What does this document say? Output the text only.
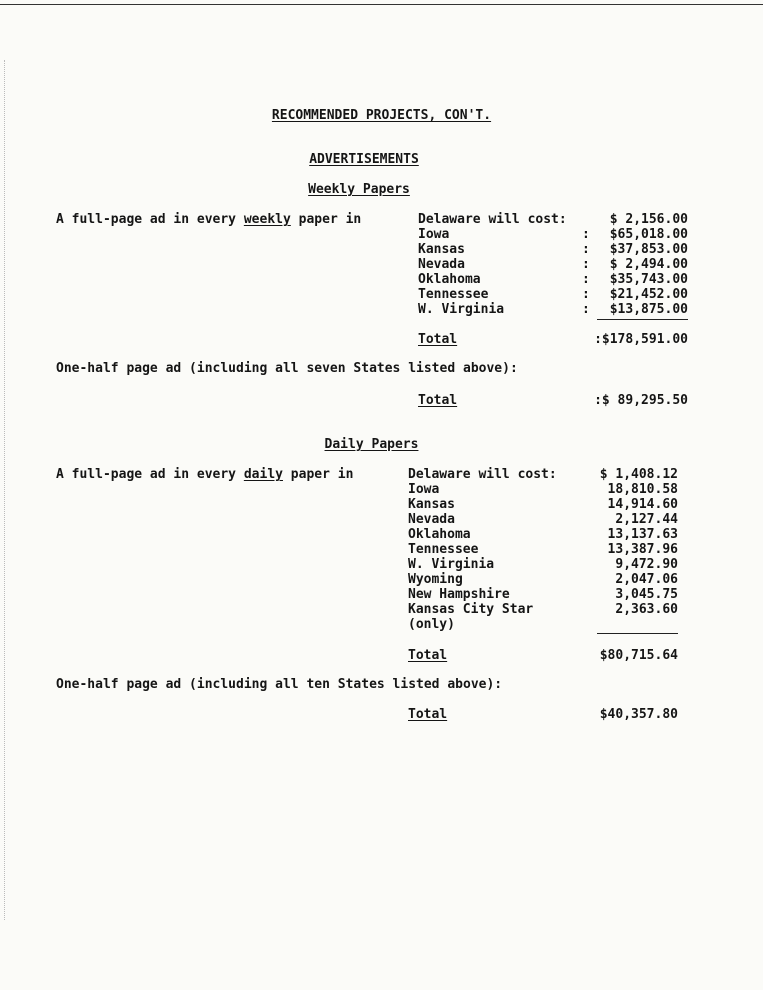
RECOMMENDED PROJECTS, CON'T.
ADVERTISEMENTS
Weekly Papers
A full-page ad in every weekly paper in	Delaware will cost:	$ 2,156.00
Iowa	:	$65,018.00
Kansas	:	$37,853.00
Nevada	:	$ 2,494.00
Oklahoma	:	$35,743.00
Tennessee	:	$21,452.00
W. Virginia	:	$13,875.00
Total	:$178,591.00
One-half page ad (including all seven States listed above):
Total	:$ 89,295.50
Daily Papers
A full-page ad in every daily paper in	Delaware will cost:	$ 1,408.12
Iowa	18,810.58
Kansas	14,914.60
Nevada	2,127.44
Oklahoma	13,137.63
Tennessee	13,387.96
W. Virginia	9,472.90
Wyoming	2,047.06
New Hampshire	3,045.75
Kansas City Star	2,363.60
(only)
Total	$80,715.64
One-half page ad (including all ten States listed above):
Total	$40,357.80
